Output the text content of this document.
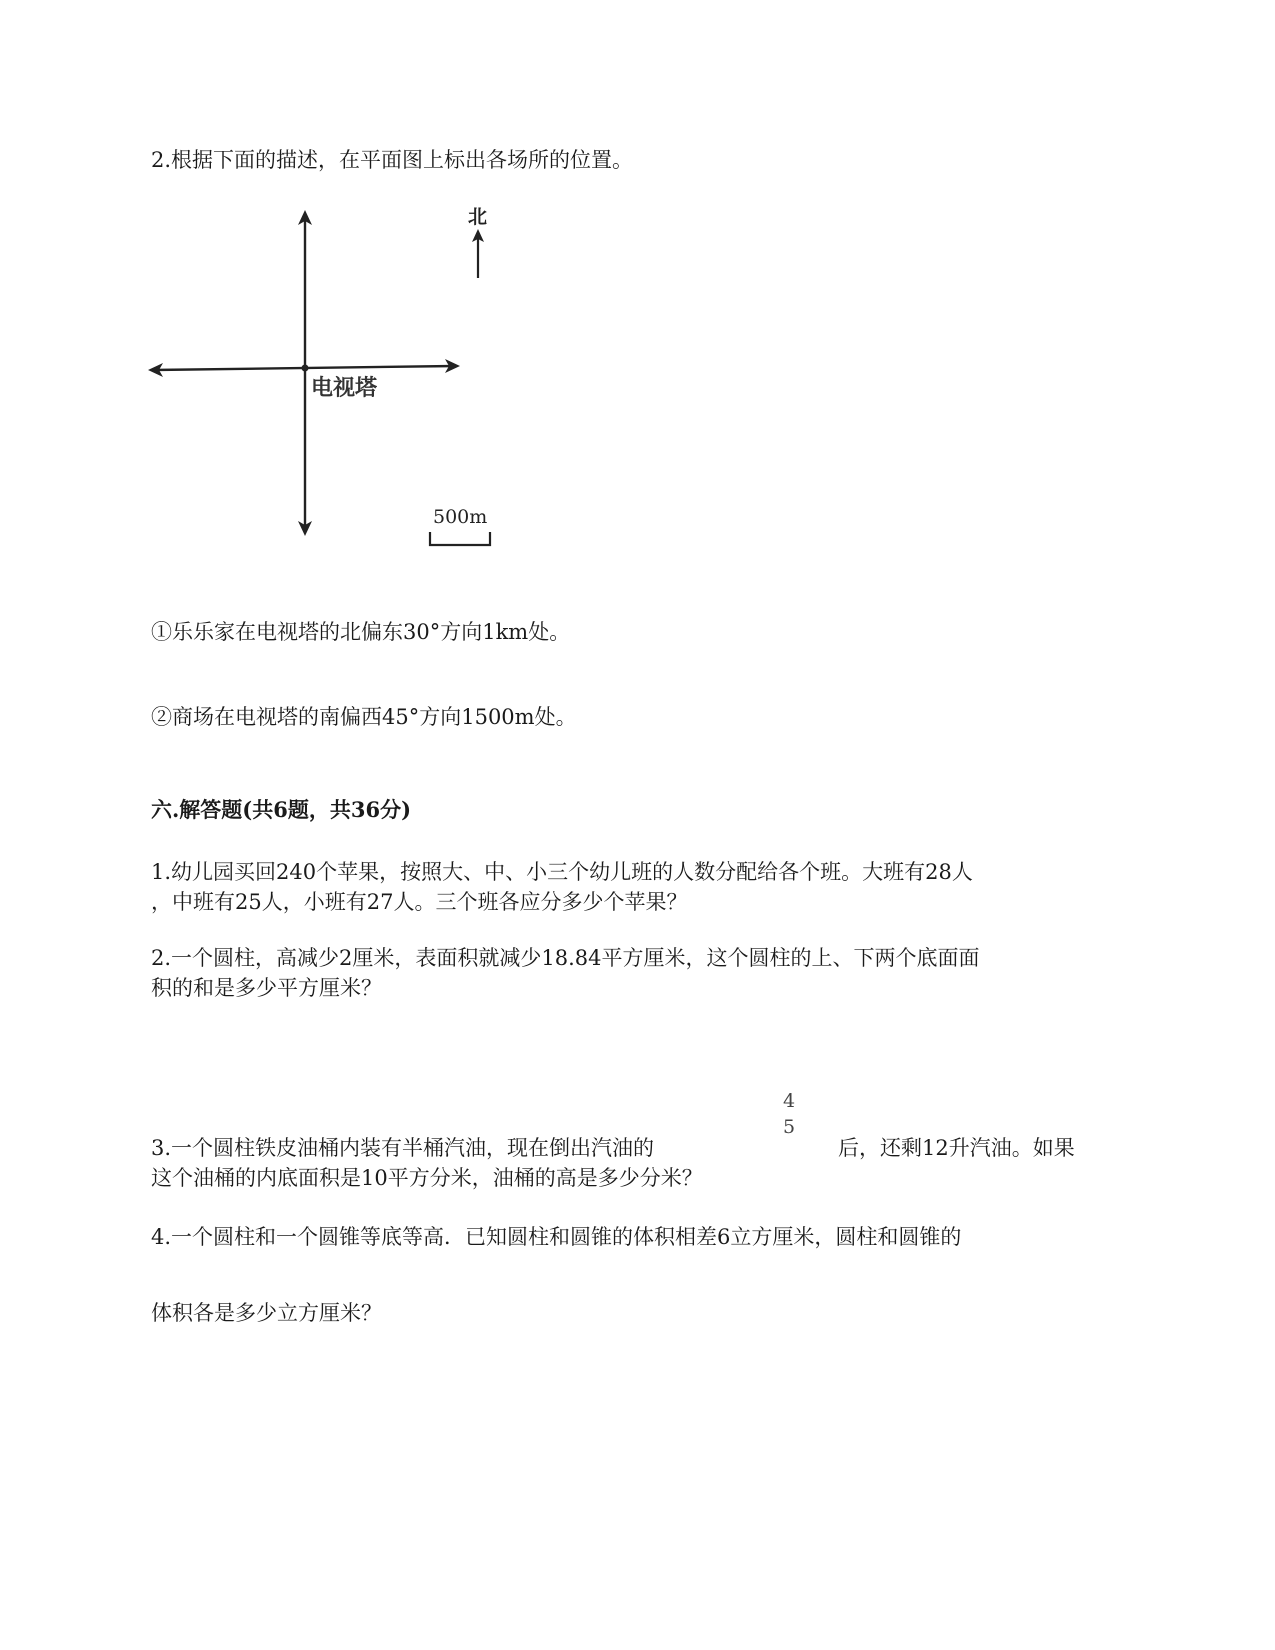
2.根据下面的描述，在平面图上标出各场所的位置。
电视塔
北
500m
①乐乐家在电视塔的北偏东30°方向1km处。
②商场在电视塔的南偏西45°方向1500m处。
六.解答题(共6题，共36分)
1.幼儿园买回240个苹果，按照大、中、小三个幼儿班的人数分配给各个班。大班有28人
，中班有25人，小班有27人。三个班各应分多少个苹果？
2.一个圆柱，高减少2厘米，表面积就减少18.84平方厘米，这个圆柱的上、下两个底面面
积的和是多少平方厘米？
3.一个圆柱铁皮油桶内装有半桶汽油，现在倒出汽油的
4
5
后，还剩12升汽油。如果
这个油桶的内底面积是10平方分米，油桶的高是多少分米？
4.一个圆柱和一个圆锥等底等高．已知圆柱和圆锥的体积相差6立方厘米，圆柱和圆锥的
体积各是多少立方厘米？
